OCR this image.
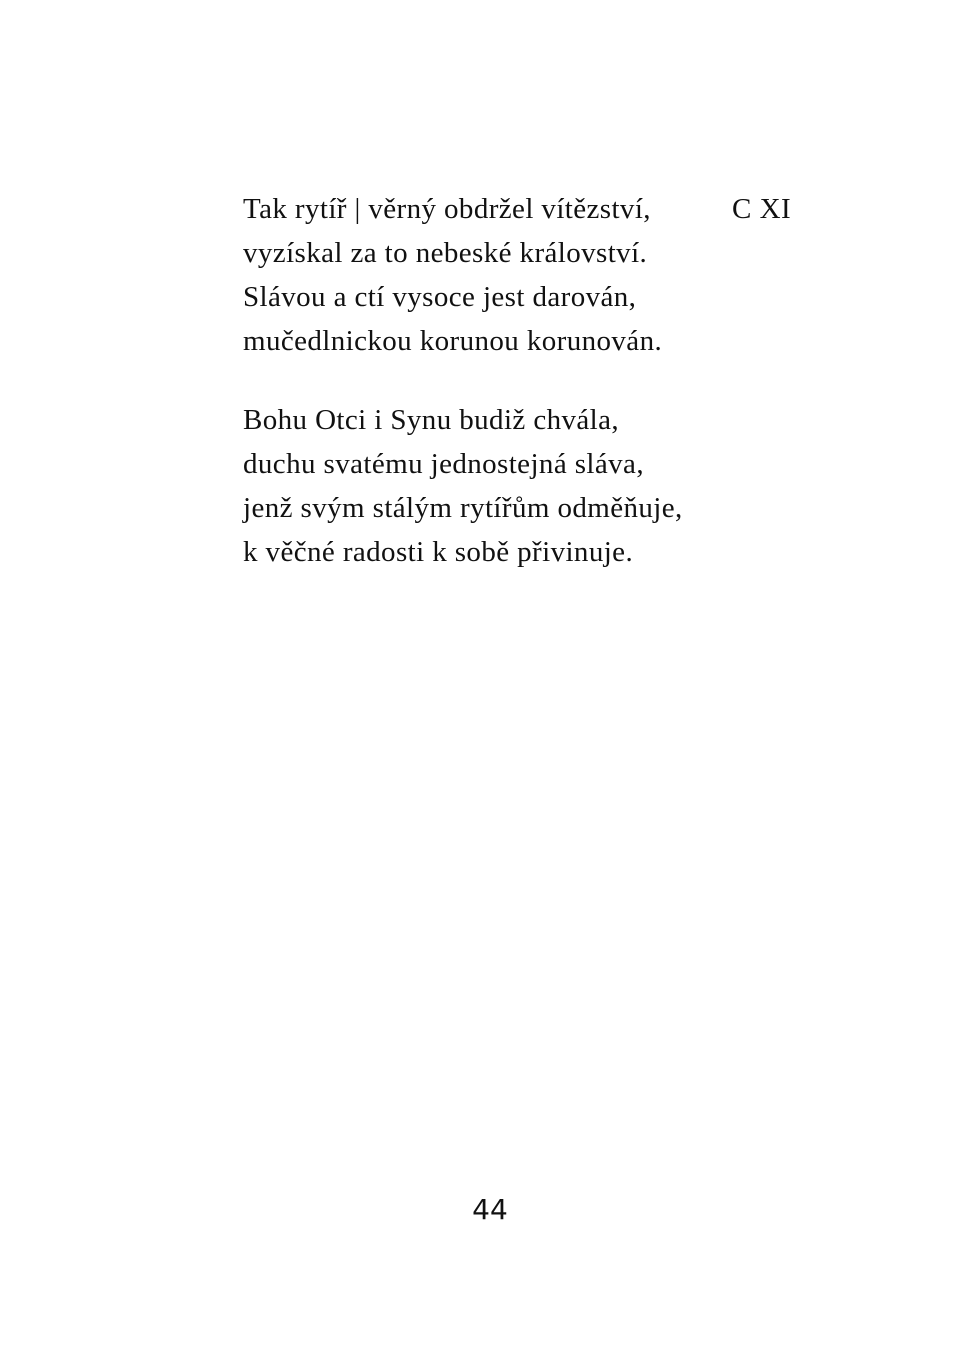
Tak rytíř | věrný obdržel vítězství,
vyzískal za to nebeské království.
Slávou a ctí vysoce jest darován,
mučedlnickou korunou korunován.
C XI
Bohu Otci i Synu budiž chvála,
duchu svatému jednostejná sláva,
jenž svým stálým rytířům odměňuje,
k věčné radosti k sobě přivinuje.
44
